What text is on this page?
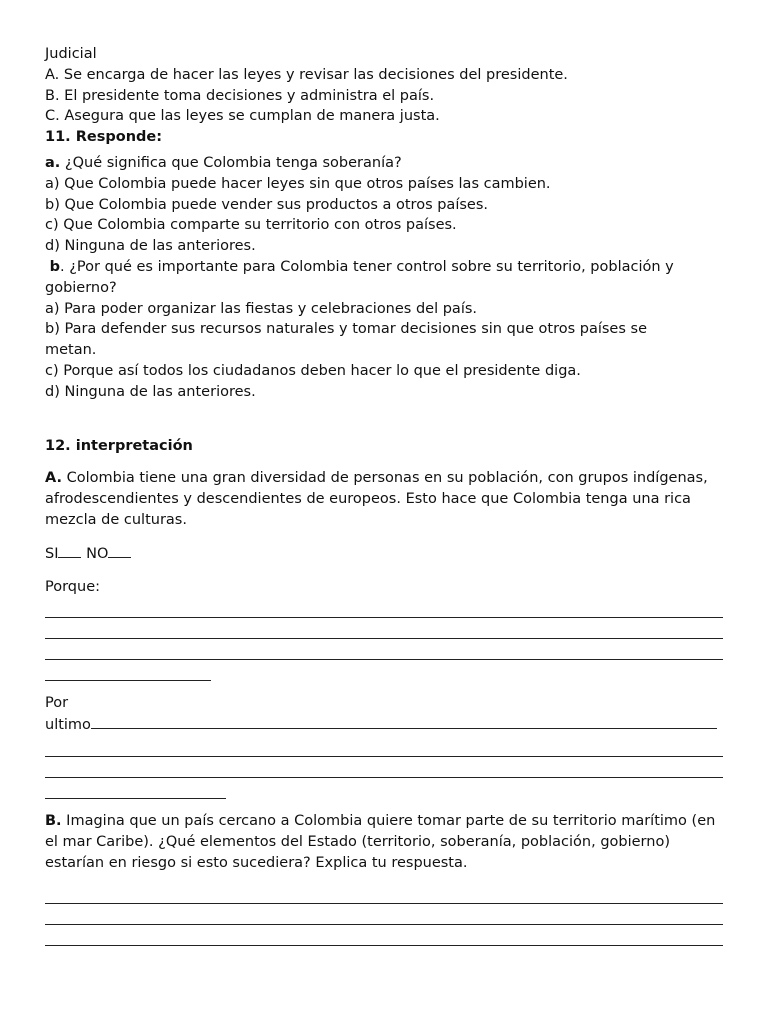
Judicial
A. Se encarga de hacer las leyes y revisar las decisiones del presidente.
B. El presidente toma decisiones y administra el país.
C. Asegura que las leyes se cumplan de manera justa.
11. Responde:
a. ¿Qué significa que Colombia tenga soberanía?
a) Que Colombia puede hacer leyes sin que otros países las cambien.
b) Que Colombia puede vender sus productos a otros países.
c) Que Colombia comparte su territorio con otros países.
d) Ninguna de las anteriores.
b. ¿Por qué es importante para Colombia tener control sobre su territorio, población y
gobierno?
a) Para poder organizar las fiestas y celebraciones del país.
b) Para defender sus recursos naturales y tomar decisiones sin que otros países se
metan.
c) Porque así todos los ciudadanos deben hacer lo que el presidente diga.
d) Ninguna de las anteriores.
12. interpretación
A. Colombia tiene una gran diversidad de personas en su población, con grupos indígenas, afrodescendientes y descendientes de europeos. Esto hace que Colombia tenga una rica mezcla de culturas.
SI NO
Porque:
Por
ultimo
B. Imagina que un país cercano a Colombia quiere tomar parte de su territorio marítimo (en el mar Caribe). ¿Qué elementos del Estado (territorio, soberanía, población, gobierno) estarían en riesgo si esto sucediera? Explica tu respuesta.
